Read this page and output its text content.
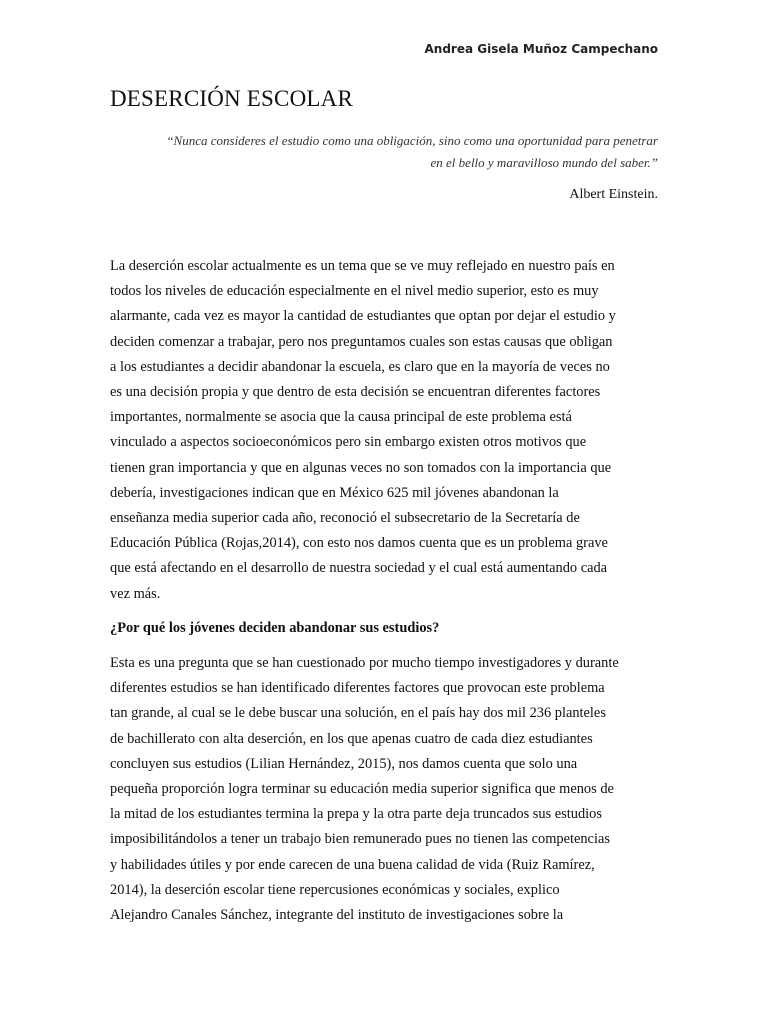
Andrea Gisela Muñoz Campechano
DESERCIÓN ESCOLAR
“Nunca consideres el estudio como una obligación, sino como una oportunidad para penetrar
en el bello y maravilloso mundo del saber.”
Albert Einstein.

La deserción escolar actualmente es un tema que se ve muy reflejado en nuestro país en
todos los niveles de educación especialmente en el nivel medio superior, esto es muy
alarmante, cada vez es mayor la cantidad de estudiantes que optan por dejar el estudio y
deciden comenzar a trabajar, pero nos preguntamos cuales son estas causas que obligan
a los estudiantes a decidir abandonar la escuela, es claro que en la mayoría de veces no
es una decisión propia y que dentro de esta decisión se encuentran diferentes factores
importantes, normalmente se asocia que la causa principal de este problema está
vinculado a aspectos socioeconómicos pero sin embargo existen otros motivos que
tienen gran importancia y que en algunas veces no son tomados con la importancia que
debería, investigaciones indican que en México 625 mil jóvenes abandonan la
enseñanza media superior cada año, reconoció el subsecretario de la Secretaría de
Educación Pública (Rojas,2014), con esto nos damos cuenta que es un problema grave
que está afectando en el desarrollo de nuestra sociedad y el cual está aumentando cada
vez más.

¿Por qué los jóvenes deciden abandonar sus estudios?

Esta es una pregunta que se han cuestionado por mucho tiempo investigadores y durante
diferentes estudios se han identificado diferentes factores que provocan este problema
tan grande, al cual se le debe buscar una solución, en el país hay dos mil 236 planteles
de bachillerato con alta deserción, en los que apenas cuatro de cada diez estudiantes
concluyen sus estudios (Lilian Hernández, 2015), nos damos cuenta que solo una
pequeña proporción logra terminar su educación media superior significa que menos de
la mitad de los estudiantes termina la prepa y la otra parte deja truncados sus estudios
imposibilitándolos a tener un trabajo bien remunerado pues no tienen las competencias
y habilidades útiles y por ende carecen de una buena calidad de vida (Ruiz Ramírez,
2014), la deserción escolar tiene repercusiones económicas y sociales, explico
Alejandro Canales Sánchez, integrante del instituto de investigaciones sobre la
